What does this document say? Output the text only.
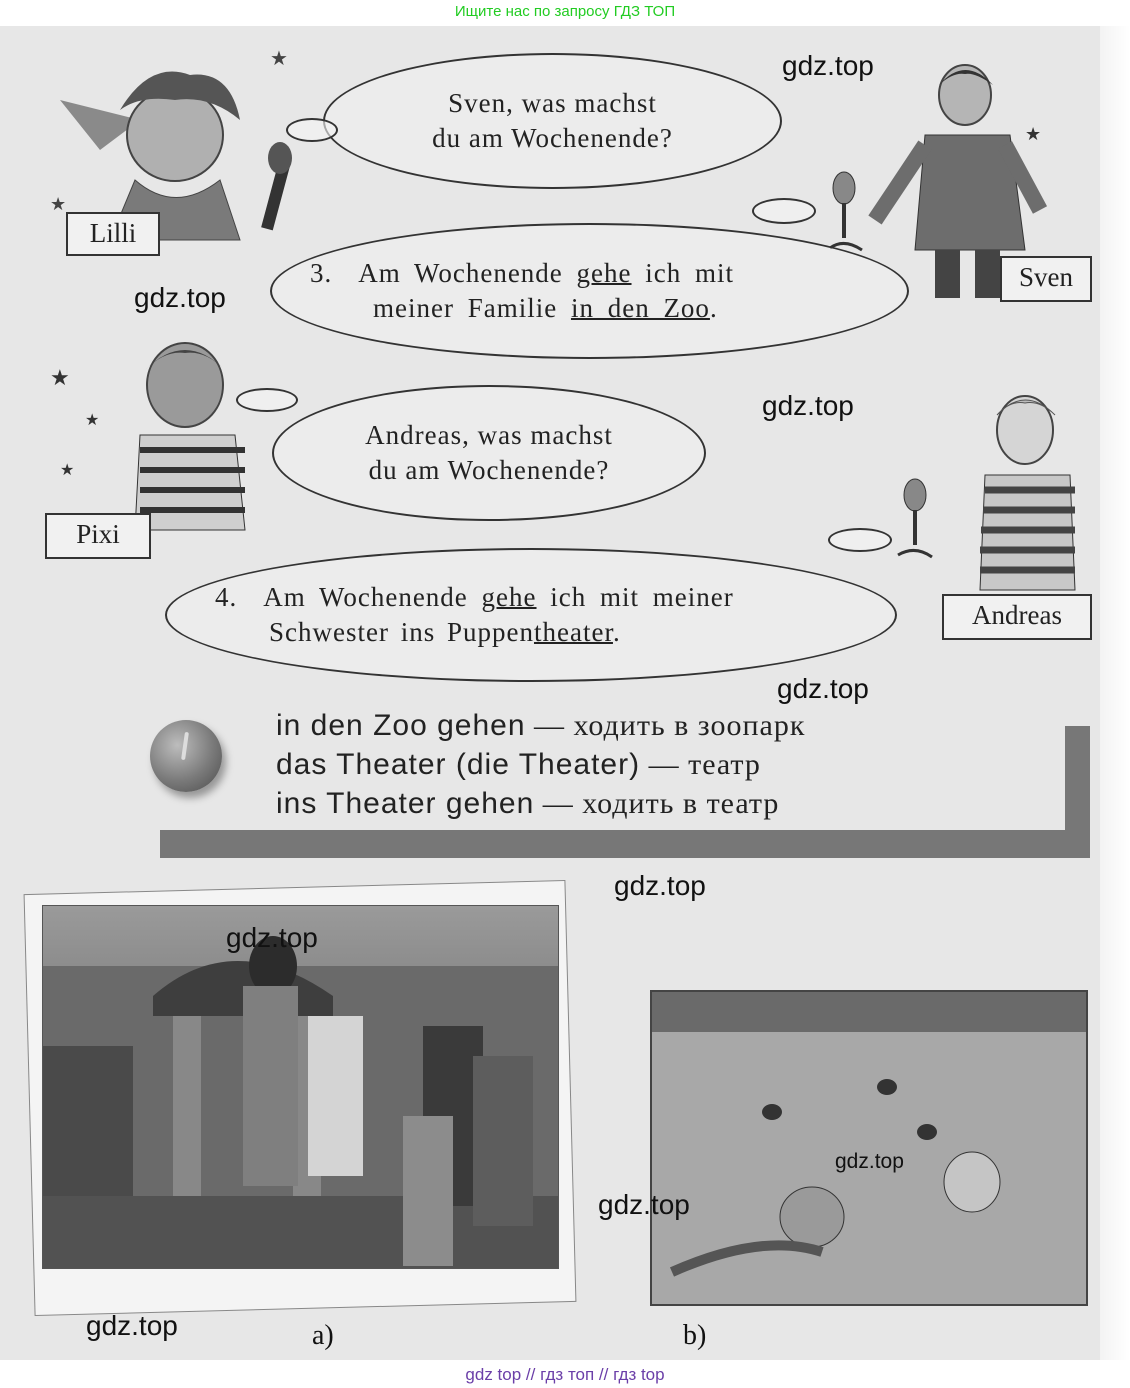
Ищите нас по запросу ГДЗ ТОП
★
★
★
★
★
★
Sven, was machst
du am Wochenende?
3. Am Wochenende gehe ich mit
meiner Familie in den Zoo.
Andreas, was machst
du am Wochenende?
4. Am Wochenende gehe ich mit meiner
Schwester ins Puppentheater.
Lilli
Sven
Pixi
Andreas
in den Zoo gehen — ходить в зоопарк
das Theater (die Theater) — театр
ins Theater gehen — ходить в театр
a)	b)
gdz.top
gdz.top
gdz.top
gdz.top
gdz.top
gdz.top
gdz.top
gdz.top
gdz.top
gdz top // гдз топ // гдз top
